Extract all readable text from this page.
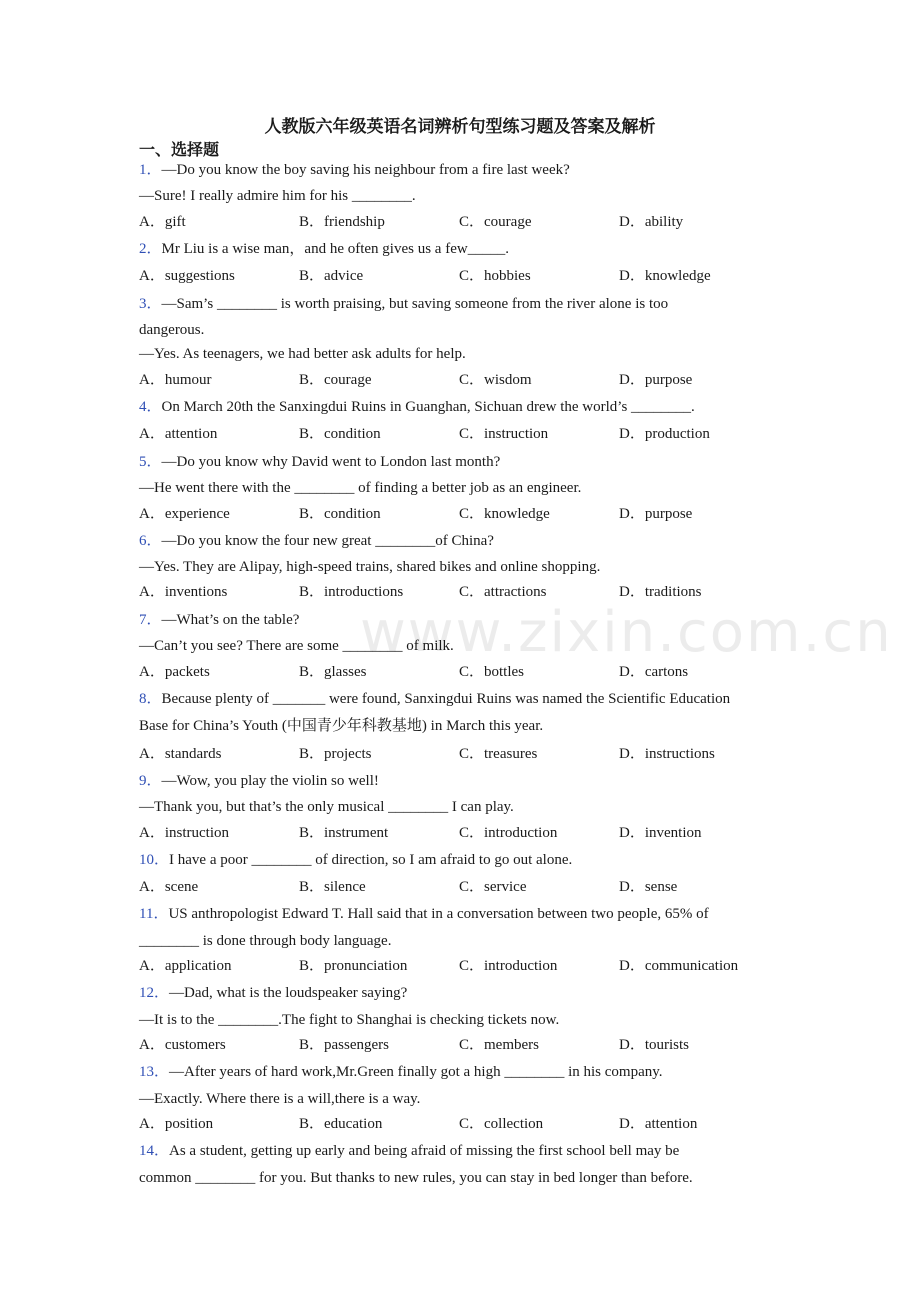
人教版六年级英语名词辨析句型练习题及答案及解析
一、选择题
www.zixin.com.cn
1．—Do you know the boy saving his neighbour from a fire last week?
—Sure! I really admire him for his ________.
A．gift	B．friendship	C．courage	D．ability
2．Mr Liu is a wise man，and he often gives us a few_____.
A．suggestions	B．advice	C．hobbies	D．knowledge
3．—Sam’s ________ is worth praising, but saving someone from the river alone is too
dangerous.
—Yes. As teenagers, we had better ask adults for help.
A．humour	B．courage	C．wisdom	D．purpose
4．On March 20th the Sanxingdui Ruins in Guanghan, Sichuan drew the world’s ________.
A．attention	B．condition	C．instruction	D．production
5．—Do you know why David went to London last month?
—He went there with the ________ of finding a better job as an engineer.
A．experience	B．condition	C．knowledge	D．purpose
6．—Do you know the four new great ________of China?
—Yes. They are Alipay, high-speed trains, shared bikes and online shopping.
A．inventions	B．introductions	C．attractions	D．traditions
7．—What’s on the table?
—Can’t you see? There are some ________ of milk.
A．packets	B．glasses	C．bottles	D．cartons
8．Because plenty of _______ were found, Sanxingdui Ruins was named the Scientific Education
Base for China’s Youth (中国青少年科教基地) in March this year.
A．standards	B．projects	C．treasures	D．instructions
9．—Wow, you play the violin so well!
—Thank you, but that’s the only musical ________ I can play.
A．instruction	B．instrument	C．introduction	D．invention
10．I have a poor ________ of direction, so I am afraid to go out alone.
A．scene	B．silence	C．service	D．sense
11．US anthropologist Edward T. Hall said that in a conversation between two people, 65% of
________ is done through body language.
A．application	B．pronunciation	C．introduction	D．communication
12．—Dad, what is the loudspeaker saying?
—It is to the ________.The fight to Shanghai is checking tickets now.
A．customers	B．passengers	C．members	D．tourists
13．—After years of hard work,Mr.Green finally got a high ________ in his company.
—Exactly. Where there is a will,there is a way.
A．position	B．education	C．collection	D．attention
14．As a student, getting up early and being afraid of missing the first school bell may be
common ________ for you. But thanks to new rules, you can stay in bed longer than before.
